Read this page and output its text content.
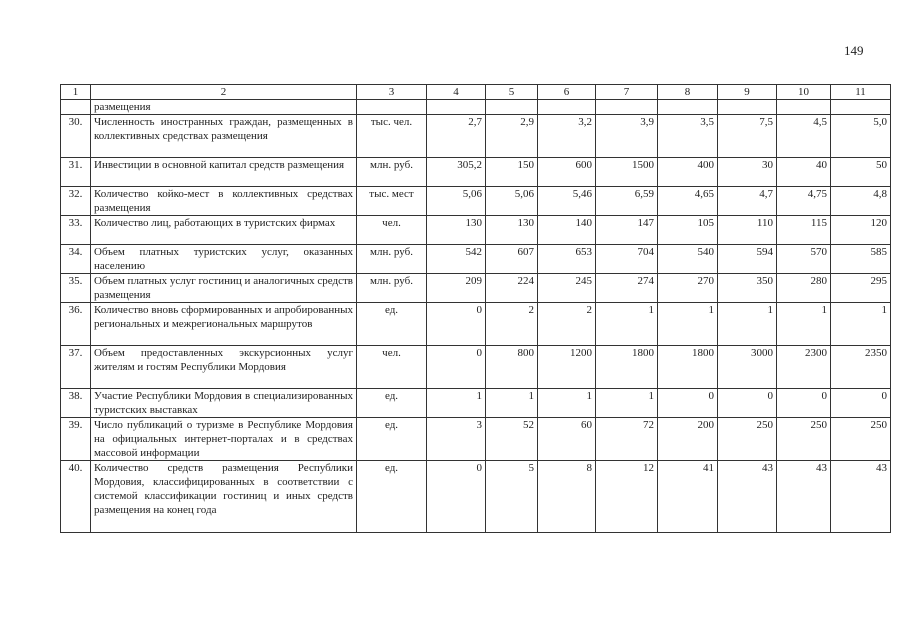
149
1	2	3	4	5	6	7	8	9	10	11
	размещения									
30.	Численность иностранных граждан, размещенных в коллективных средствах размещения	тыс. чел.	2,7	2,9	3,2	3,9	3,5	7,5	4,5	5,0
31.	Инвестиции в основной капитал средств размещения	млн. руб.	305,2	150	600	1500	400	30	40	50
32.	Количество койко-мест в коллективных средствах размещения	тыс. мест	5,06	5,06	5,46	6,59	4,65	4,7	4,75	4,8
33.	Количество лиц, работающих в туристских фирмах	чел.	130	130	140	147	105	110	115	120
34.	Объем платных туристских услуг, оказанных населению	млн. руб.	542	607	653	704	540	594	570	585
35.	Объем платных услуг гостиниц и аналогичных средств размещения	млн. руб.	209	224	245	274	270	350	280	295
36.	Количество вновь сформированных и апробированных региональных и межрегиональных маршрутов	ед.	0	2	2	1	1	1	1	1
37.	Объем предоставленных экскурсионных услуг жителям и гостям Республики Мордовия	чел.	0	800	1200	1800	1800	3000	2300	2350
38.	Участие Республики Мордовия в специализированных туристских выставках	ед.	1	1	1	1	0	0	0	0
39.	Число публикаций о туризме в Республике Мордовия на официальных интернет-порталах и в средствах массовой информации	ед.	3	52	60	72	200	250	250	250
40.	Количество средств размещения Республики Мордовия, классифицированных в соответствии с системой классификации гостиниц и иных средств размещения на конец года	ед.	0	5	8	12	41	43	43	43
